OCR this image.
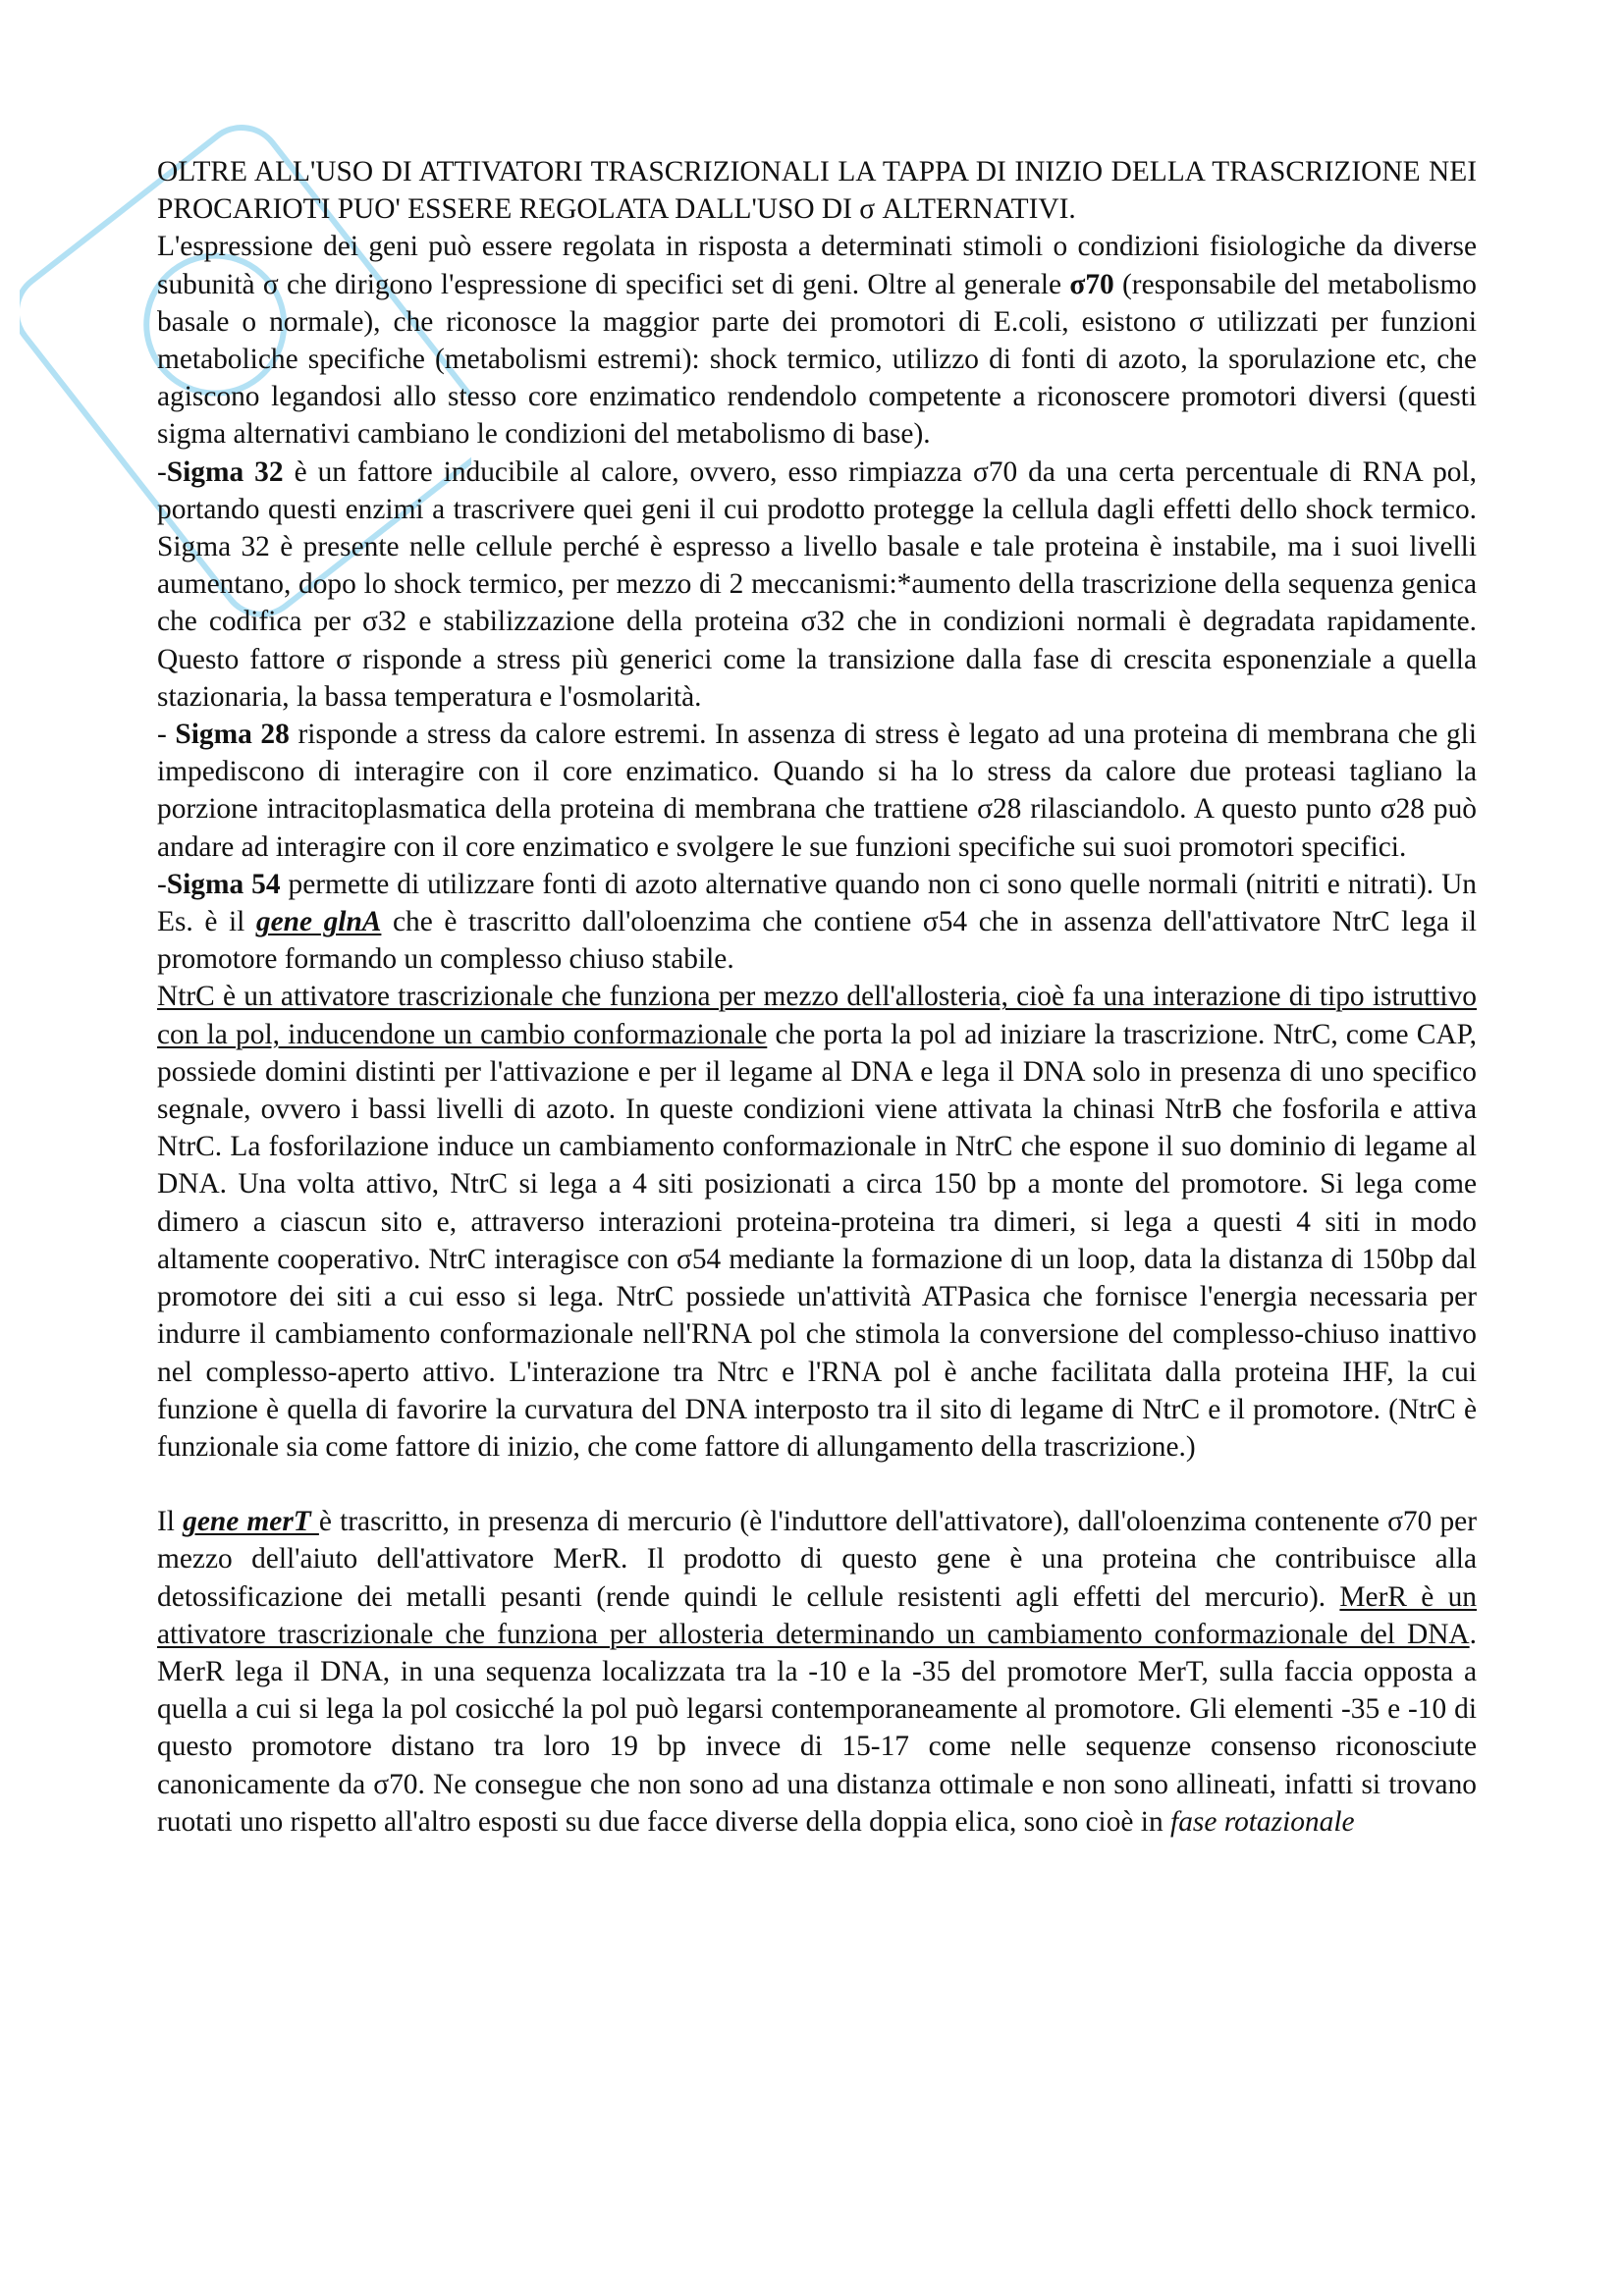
OLTRE ALL'USO DI ATTIVATORI TRASCRIZIONALI LA TAPPA DI INIZIO DELLA TRASCRIZIONE NEI PROCARIOTI PUO' ESSERE REGOLATA DALL'USO DI σ ALTERNATIVI.

L'espressione dei geni può essere regolata in risposta a determinati stimoli o condizioni fisiologiche da diverse subunità σ che dirigono l'espressione di specifici set di geni. Oltre al generale σ70 (responsabile del metabolismo basale o normale), che riconosce la maggior parte dei promotori di E.coli, esistono σ utilizzati per funzioni metaboliche specifiche (metabolismi estremi): shock termico, utilizzo di fonti di azoto, la sporulazione etc, che agiscono legandosi allo stesso core enzimatico rendendolo competente a riconoscere promotori diversi (questi sigma alternativi cambiano le condizioni del metabolismo di base).

-Sigma 32 è un fattore inducibile al calore, ovvero, esso rimpiazza σ70 da una certa percentuale di RNA pol, portando questi enzimi a trascrivere quei geni il cui prodotto protegge la cellula dagli effetti dello shock termico. Sigma 32 è presente nelle cellule perché è espresso a livello basale e tale proteina è instabile, ma i suoi livelli aumentano, dopo lo shock termico, per mezzo di 2 meccanismi:*aumento della trascrizione della sequenza genica che codifica per σ32 e stabilizzazione della proteina σ32 che in condizioni normali è degradata rapidamente. Questo fattore σ risponde a stress più generici come la transizione dalla fase di crescita esponenziale a quella stazionaria, la bassa temperatura e l'osmolarità.

- Sigma 28 risponde a stress da calore estremi. In assenza di stress è legato ad una proteina di membrana che gli impediscono di interagire con il core enzimatico. Quando si ha lo stress da calore due proteasi tagliano la porzione intracitoplasmatica della proteina di membrana che trattiene σ28 rilasciandolo. A questo punto σ28 può andare ad interagire con il core enzimatico e svolgere le sue funzioni specifiche sui suoi promotori specifici.

-Sigma 54 permette di utilizzare fonti di azoto alternative quando non ci sono quelle normali (nitriti e nitrati). Un Es. è il gene glnA che è trascritto dall'oloenzima che contiene σ54 che in assenza dell'attivatore NtrC lega il promotore formando un complesso chiuso stabile.

NtrC è un attivatore trascrizionale che funziona per mezzo dell'allosteria, cioè fa una interazione di tipo istruttivo con la pol, inducendone un cambio conformazionale che porta la pol ad iniziare la trascrizione. NtrC, come CAP, possiede domini distinti per l'attivazione e per il legame al DNA e lega il DNA solo in presenza di uno specifico segnale, ovvero i bassi livelli di azoto. In queste condizioni viene attivata la chinasi NtrB che fosforila e attiva NtrC. La fosforilazione induce un cambiamento conformazionale in NtrC che espone il suo dominio di legame al DNA. Una volta attivo, NtrC si lega a 4 siti posizionati a circa 150 bp a monte del promotore. Si lega come dimero a ciascun sito e, attraverso interazioni proteina-proteina tra dimeri, si lega a questi 4 siti in modo altamente cooperativo. NtrC interagisce con σ54 mediante la formazione di un loop, data la distanza di 150bp dal promotore dei siti a cui esso si lega. NtrC possiede un'attività ATPasica che fornisce l'energia necessaria per indurre il cambiamento conformazionale nell'RNA pol che stimola la conversione del complesso-chiuso inattivo nel complesso-aperto attivo. L'interazione tra Ntrc e l'RNA pol è anche facilitata dalla proteina IHF, la cui funzione è quella di favorire la curvatura del DNA interposto tra il sito di legame di NtrC e il promotore. (NtrC è funzionale sia come fattore di inizio, che come fattore di allungamento della trascrizione.)

Il gene merT è trascritto, in presenza di mercurio (è l'induttore dell'attivatore), dall'oloenzima contenente σ70 per mezzo dell'aiuto dell'attivatore MerR. Il prodotto di questo gene è una proteina che contribuisce alla detossificazione dei metalli pesanti (rende quindi le cellule resistenti agli effetti del mercurio). MerR è un attivatore trascrizionale che funziona per allosteria determinando un cambiamento conformazionale del DNA. MerR lega il DNA, in una sequenza localizzata tra la -10 e la -35 del promotore MerT, sulla faccia opposta a quella a cui si lega la pol cosicché la pol può legarsi contemporaneamente al promotore. Gli elementi -35 e -10 di questo promotore distano tra loro 19 bp invece di 15-17 come nelle sequenze consenso riconosciute canonicamente da σ70. Ne consegue che non sono ad una distanza ottimale e non sono allineati, infatti si trovano ruotati uno rispetto all'altro esposti su due facce diverse della doppia elica, sono cioè in fase rotazionale
